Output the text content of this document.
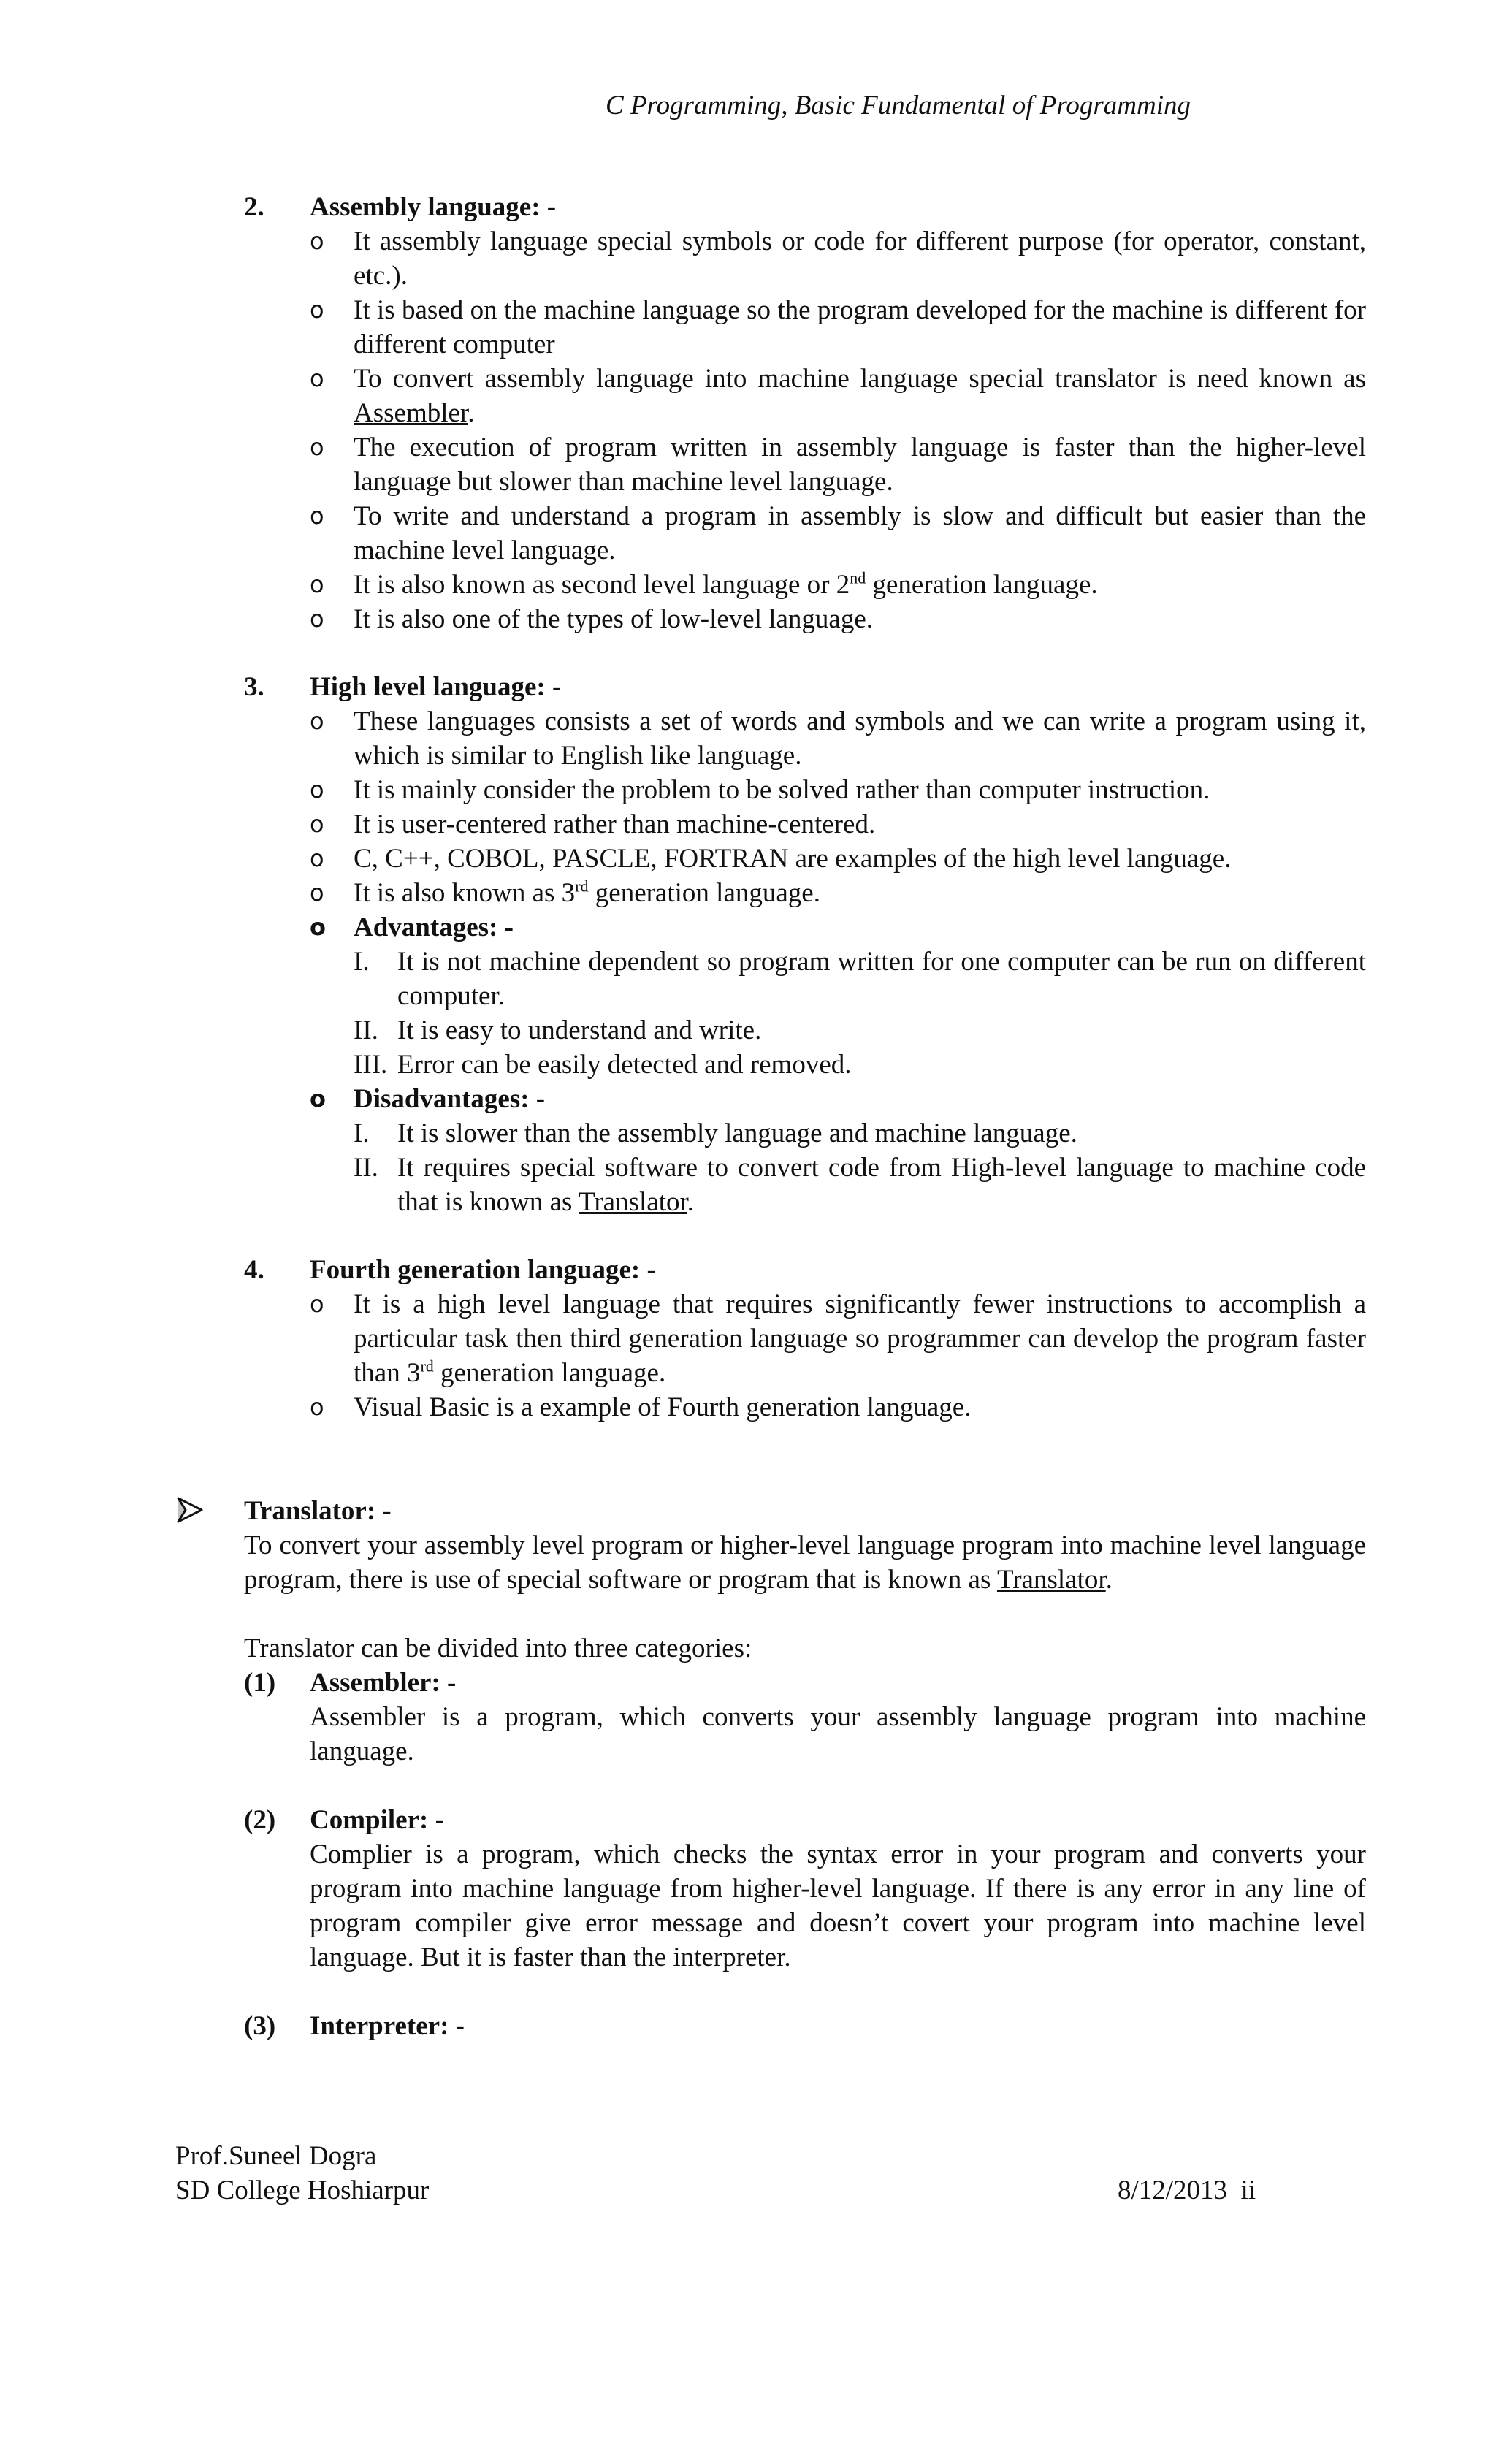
C Programming, Basic Fundamental of Programming
2. Assembly language: -
o It assembly language special symbols or code for different purpose (for operator, constant, etc.).
o It is based on the machine language so the program developed for the machine is different for different computer
o To convert assembly language into machine language special translator is need known as Assembler.
o The execution of program written in assembly language is faster than the higher-level language but slower than machine level language.
o To write and understand a program in assembly is slow and difficult but easier than the machine level language.
o It is also known as second level language or 2nd generation language.
o It is also one of the types of low-level language.
3. High level language: -
o These languages consists a set of words and symbols and we can write a program using it, which is similar to English like language.
o It is mainly consider the problem to be solved rather than computer instruction.
o It is user-centered rather than machine-centered.
o C, C++, COBOL, PASCLE, FORTRAN are examples of the high level language.
o It is also known as 3rd generation language.
o Advantages: -
I. It is not machine dependent so program written for one computer can be run on different computer.
II. It is easy to understand and write.
III. Error can be easily detected and removed.
o Disadvantages: -
I. It is slower than the assembly language and machine language.
II. It requires special software to convert code from High-level language to machine code that is known as Translator.
4. Fourth generation language: -
o It is a high level language that requires significantly fewer instructions to accomplish a particular task then third generation language so programmer can develop the program faster than 3rd generation language.
o Visual Basic is a example of Fourth generation language.
Translator: -
To convert your assembly level program or higher-level language program into machine level language program, there is use of special software or program that is known as Translator.
Translator can be divided into three categories:
(1) Assembler: -
Assembler is a program, which converts your assembly language program into machine language.
(2) Compiler: -
Complier is a program, which checks the syntax error in your program and converts your program into machine language from higher-level language. If there is any error in any line of program compiler give error message and doesn’t covert your program into machine level language. But it is faster than the interpreter.
(3) Interpreter: -
Prof.Suneel Dogra
SD College Hoshiarpur	8/12/2013  ii
